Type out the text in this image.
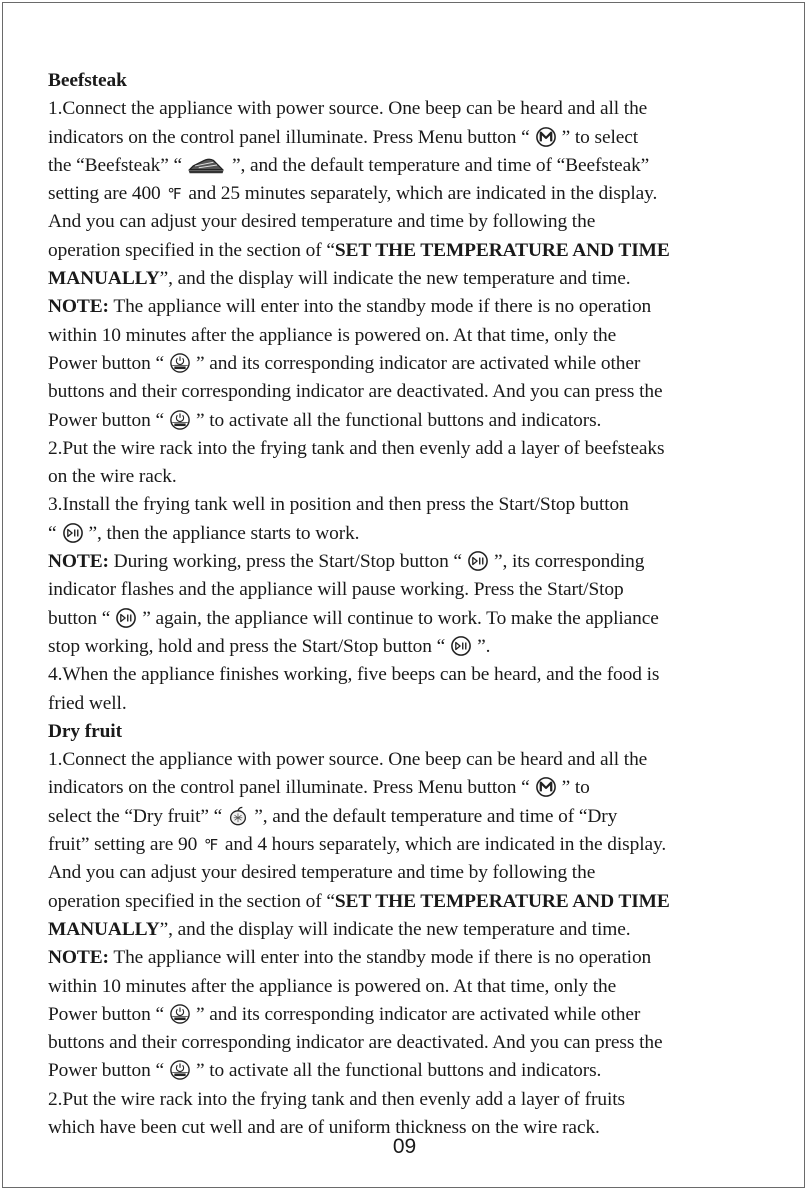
Beefsteak
1.Connect the appliance with power source. One beep can be heard and all the
indicators on the control panel illuminate. Press Menu button “ ” to select
the “Beefsteak” “	”, and the default temperature and time of “Beefsteak”
setting are 400 ℉ and 25 minutes separately, which are indicated in the display.
And you can adjust your desired temperature and time by following the
operation specified in the section of “SET THE TEMPERATURE AND TIME
MANUALLY”, and the display will indicate the new temperature and time.
NOTE: The appliance will enter into the standby mode if there is no operation
within 10 minutes after the appliance is powered on. At that time, only the
Power button “ ” and its corresponding indicator are activated while other
buttons and their corresponding indicator are deactivated. And you can press the
Power button “ ” to activate all the functional buttons and indicators.
2.Put the wire rack into the frying tank and then evenly add a layer of beefsteaks
on the wire rack.
3.Install the frying tank well in position and then press the Start/Stop button
“ ”, then the appliance starts to work.
NOTE: During working, press the Start/Stop button “ ”, its corresponding
indicator flashes and the appliance will pause working. Press the Start/Stop
button “ ” again, the appliance will continue to work. To make the appliance
stop working, hold and press the Start/Stop button “ ”.
4.When the appliance finishes working, five beeps can be heard, and the food is
fried well.
Dry fruit
1.Connect the appliance with power source. One beep can be heard and all the
indicators on the control panel illuminate. Press Menu button “ ” to
select the “Dry fruit” “ ”, and the default temperature and time of “Dry
fruit” setting are 90 ℉ and 4 hours separately, which are indicated in the display.
And you can adjust your desired temperature and time by following the
operation specified in the section of “SET THE TEMPERATURE AND TIME
MANUALLY”, and the display will indicate the new temperature and time.
NOTE: The appliance will enter into the standby mode if there is no operation
within 10 minutes after the appliance is powered on. At that time, only the
Power button “ ” and its corresponding indicator are activated while other
buttons and their corresponding indicator are deactivated. And you can press the
Power button “ ” to activate all the functional buttons and indicators.
2.Put the wire rack into the frying tank and then evenly add a layer of fruits
which have been cut well and are of uniform thickness on the wire rack.
09
